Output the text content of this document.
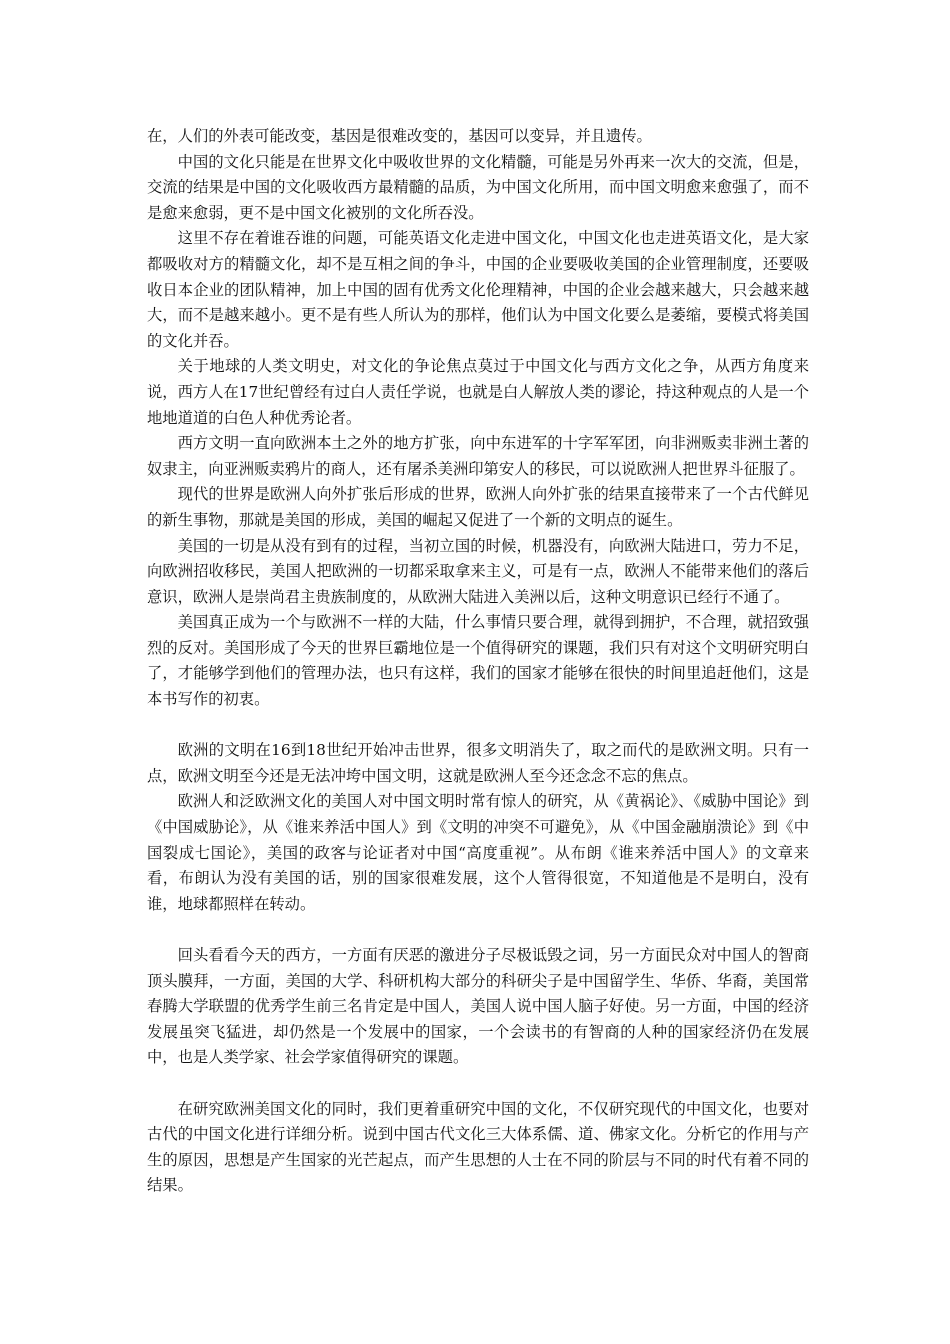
在，人们的外表可能改变，基因是很难改变的，基因可以变异，并且遗传。

中国的文化只能是在世界文化中吸收世界的文化精髓，可能是另外再来一次大的交流，但是，交流的结果是中国的文化吸收西方最精髓的品质，为中国文化所用，而中国文明愈来愈强了，而不是愈来愈弱，更不是中国文化被别的文化所吞没。

这里不存在着谁吞谁的问题，可能英语文化走进中国文化，中国文化也走进英语文化，是大家都吸收对方的精髓文化，却不是互相之间的争斗，中国的企业要吸收美国的企业管理制度，还要吸收日本企业的团队精神，加上中国的固有优秀文化伦理精神，中国的企业会越来越大，只会越来越大，而不是越来越小。更不是有些人所认为的那样，他们认为中国文化要么是萎缩，要模式将美国的文化并吞。

关于地球的人类文明史，对文化的争论焦点莫过于中国文化与西方文化之争，从西方角度来说，西方人在17世纪曾经有过白人责任学说，也就是白人解放人类的谬论，持这种观点的人是一个地地道道的白色人种优秀论者。

西方文明一直向欧洲本土之外的地方扩张，向中东进军的十字军军团，向非洲贩卖非洲土著的奴隶主，向亚洲贩卖鸦片的商人，还有屠杀美洲印第安人的移民，可以说欧洲人把世界斗征服了。

现代的世界是欧洲人向外扩张后形成的世界，欧洲人向外扩张的结果直接带来了一个古代鲜见的新生事物，那就是美国的形成，美国的崛起又促进了一个新的文明点的诞生。

美国的一切是从没有到有的过程，当初立国的时候，机器没有，向欧洲大陆进口，劳力不足，向欧洲招收移民，美国人把欧洲的一切都采取拿来主义，可是有一点，欧洲人不能带来他们的落后意识，欧洲人是崇尚君主贵族制度的，从欧洲大陆进入美洲以后，这种文明意识已经行不通了。

美国真正成为一个与欧洲不一样的大陆，什么事情只要合理，就得到拥护，不合理，就招致强烈的反对。美国形成了今天的世界巨霸地位是一个值得研究的课题，我们只有对这个文明研究明白了，才能够学到他们的管理办法，也只有这样，我们的国家才能够在很快的时间里追赶他们，这是本书写作的初衷。

欧洲的文明在16到18世纪开始冲击世界，很多文明消失了，取之而代的是欧洲文明。只有一点，欧洲文明至今还是无法冲垮中国文明，这就是欧洲人至今还念念不忘的焦点。

欧洲人和泛欧洲文化的美国人对中国文明时常有惊人的研究，从《黄祸论》、《威胁中国论》到《中国威胁论》，从《谁来养活中国人》到《文明的冲突不可避免》，从《中国金融崩溃论》到《中国裂成七国论》，美国的政客与论证者对中国“高度重视”。从布朗《谁来养活中国人》的文章来看，布朗认为没有美国的话，别的国家很难发展，这个人管得很宽，不知道他是不是明白，没有谁，地球都照样在转动。

回头看看今天的西方，一方面有厌恶的激进分子尽极诋毁之词，另一方面民众对中国人的智商顶头膜拜，一方面，美国的大学、科研机构大部分的科研尖子是中国留学生、华侨、华裔，美国常春腾大学联盟的优秀学生前三名肯定是中国人，美国人说中国人脑子好使。另一方面，中国的经济发展虽突飞猛进，却仍然是一个发展中的国家，一个会读书的有智商的人种的国家经济仍在发展中，也是人类学家、社会学家值得研究的课题。

在研究欧洲美国文化的同时，我们更着重研究中国的文化，不仅研究现代的中国文化，也要对古代的中国文化进行详细分析。说到中国古代文化三大体系儒、道、佛家文化。分析它的作用与产生的原因，思想是产生国家的光芒起点，而产生思想的人士在不同的阶层与不同的时代有着不同的结果。
